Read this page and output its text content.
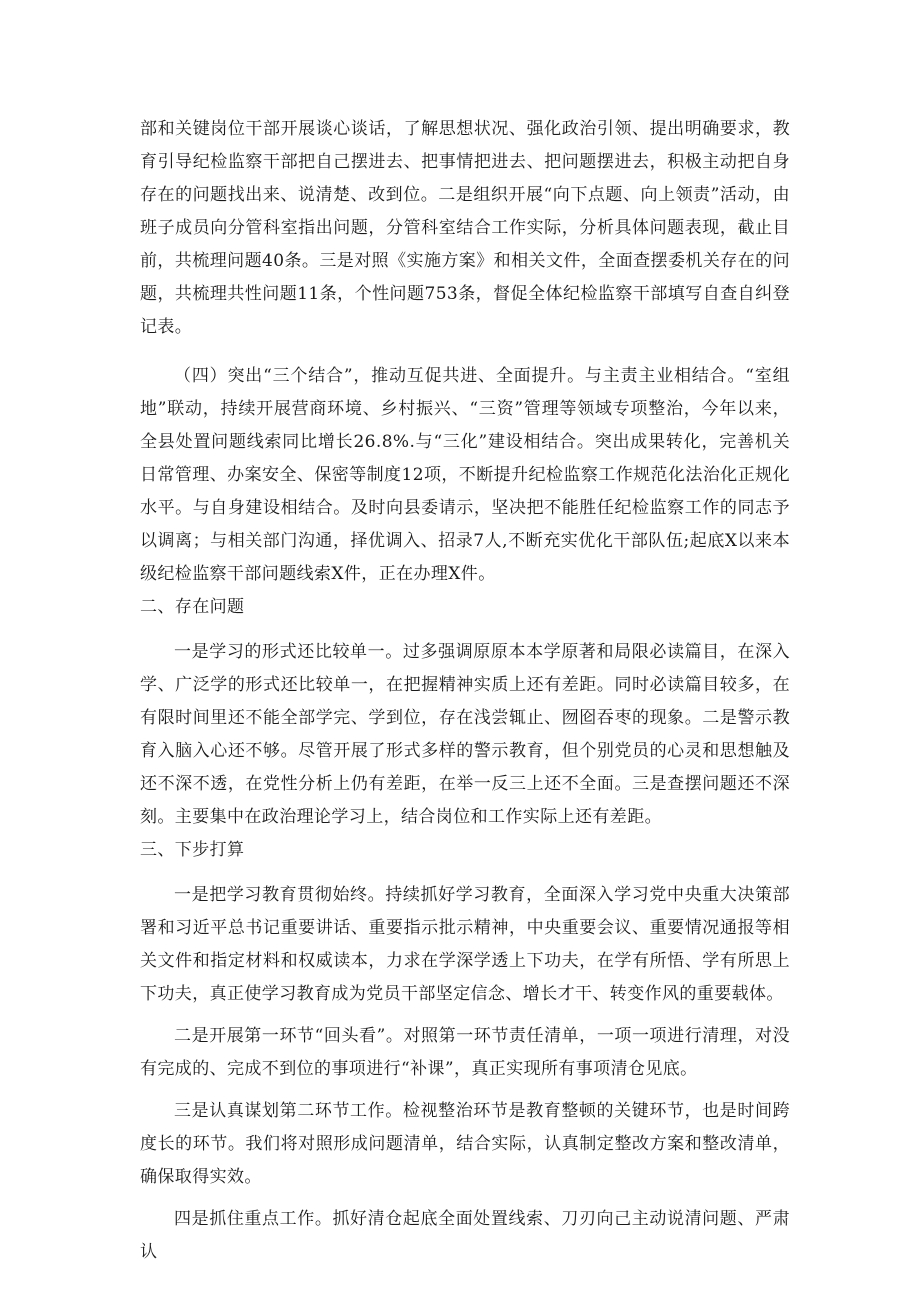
部和关键岗位干部开展谈心谈话，了解思想状况、强化政治引领、提出明确要求，教育引导纪检监察干部把自己摆进去、把事情把进去、把问题摆进去，积极主动把自身存在的问题找出来、说清楚、改到位。二是组织开展“向下点题、向上领责”活动，由班子成员向分管科室指出问题，分管科室结合工作实际，分析具体问题表现，截止目前，共梳理问题40条。三是对照《实施方案》和相关文件，全面查摆委机关存在的问题，共梳理共性问题11条，个性问题753条，督促全体纪检监察干部填写自查自纠登记表。

（四）突出“三个结合”，推动互促共进、全面提升。与主责主业相结合。“室组地”联动，持续开展营商环境、乡村振兴、“三资”管理等领域专项整治，今年以来，全县处置问题线索同比增长26.8%.与“三化”建设相结合。突出成果转化，完善机关日常管理、办案安全、保密等制度12项，不断提升纪检监察工作规范化法治化正规化水平。与自身建设相结合。及时向县委请示，坚决把不能胜任纪检监察工作的同志予以调离；与相关部门沟通，择优调入、招录7人,不断充实优化干部队伍;起底X以来本级纪检监察干部问题线索X件，正在办理X件。

二、存在问题

一是学习的形式还比较单一。过多强调原原本本学原著和局限必读篇目，在深入学、广泛学的形式还比较单一，在把握精神实质上还有差距。同时必读篇目较多，在有限时间里还不能全部学完、学到位，存在浅尝辄止、囫囵吞枣的现象。二是警示教育入脑入心还不够。尽管开展了形式多样的警示教育，但个别党员的心灵和思想触及还不深不透，在党性分析上仍有差距，在举一反三上还不全面。三是查摆问题还不深刻。主要集中在政治理论学习上，结合岗位和工作实际上还有差距。

三、下步打算

一是把学习教育贯彻始终。持续抓好学习教育，全面深入学习党中央重大决策部署和习近平总书记重要讲话、重要指示批示精神，中央重要会议、重要情况通报等相关文件和指定材料和权威读本，力求在学深学透上下功夫，在学有所悟、学有所思上下功夫，真正使学习教育成为党员干部坚定信念、增长才干、转变作风的重要载体。

二是开展第一环节“回头看”。对照第一环节责任清单，一项一项进行清理，对没有完成的、完成不到位的事项进行“补课”，真正实现所有事项清仓见底。

三是认真谋划第二环节工作。检视整治环节是教育整顿的关键环节，也是时间跨度长的环节。我们将对照形成问题清单，结合实际，认真制定整改方案和整改清单，确保取得实效。

四是抓住重点工作。抓好清仓起底全面处置线索、刀刃向己主动说清问题、严肃认
